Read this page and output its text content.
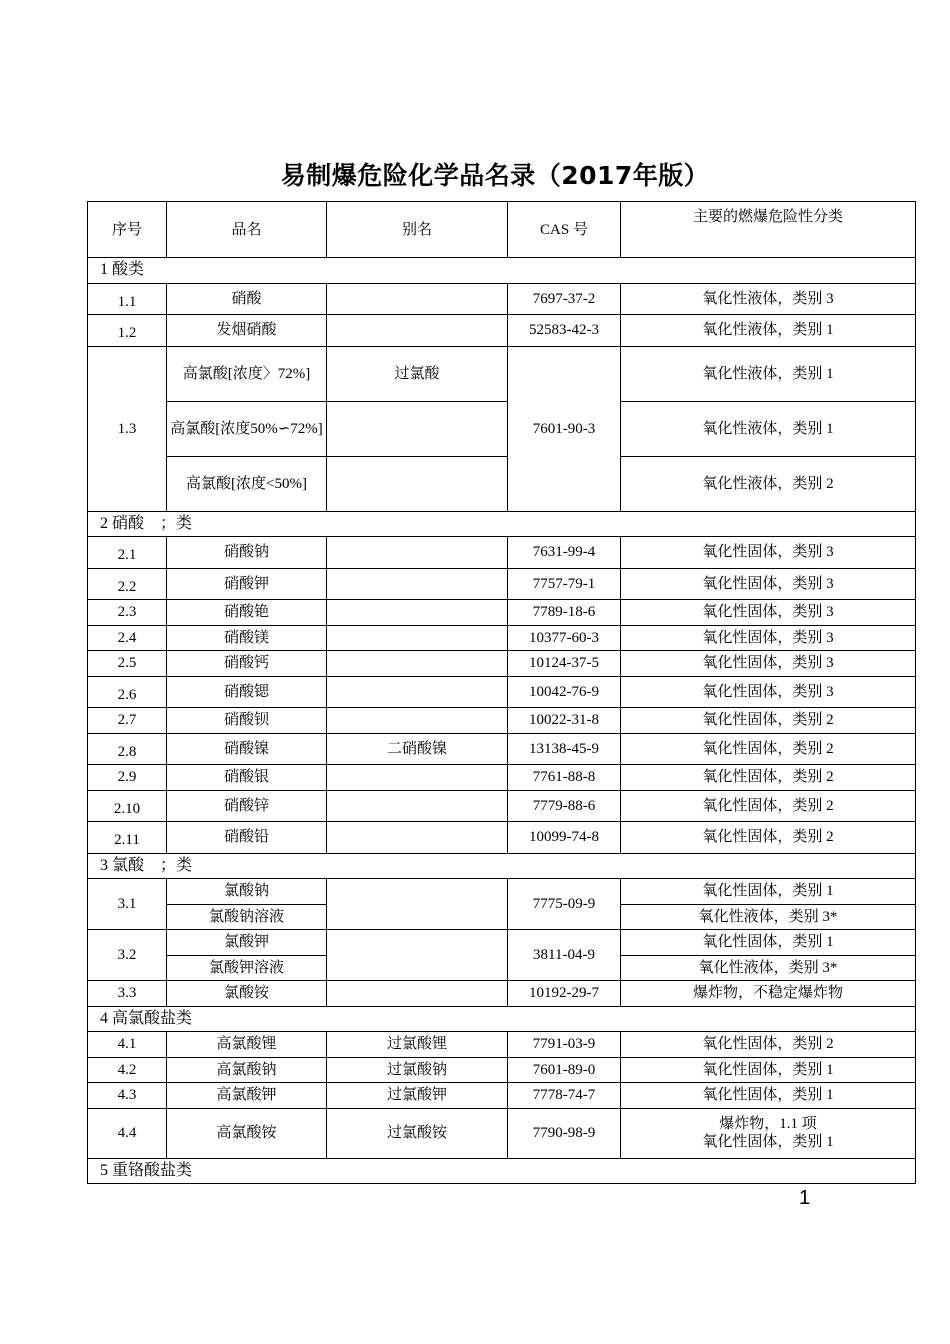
易制爆危险化学品名录（2017年版）
序号	品名	别名	CAS 号	主要的燃爆危险性分类
1 酸类				
1.1	硝酸		7697-37-2	氧化性液体，类别 3
1.2	发烟硝酸		52583-42-3	氧化性液体，类别 1
1.3	高氯酸[浓度〉72%]	过氯酸	7601-90-3	氧化性液体，类别 1
	高氯酸[浓度50%∽72%]			氧化性液体，类别 1
	高氯酸[浓度<50%]			氧化性液体，类别 2
2 硝酸　；类				
2.1	硝酸钠		7631-99-4	氧化性固体，类别 3
2.2	硝酸钾		7757-79-1	氧化性固体，类别 3
2.3	硝酸铯		7789-18-6	氧化性固体，类别 3
2.4	硝酸镁		10377-60-3	氧化性固体，类别 3
2.5	硝酸钙		10124-37-5	氧化性固体，类别 3
2.6	硝酸锶		10042-76-9	氧化性固体，类别 3
2.7	硝酸钡		10022-31-8	氧化性固体，类别 2
2.8	硝酸镍	二硝酸镍	13138-45-9	氧化性固体，类别 2
2.9	硝酸银		7761-88-8	氧化性固体，类别 2
2.10	硝酸锌		7779-88-6	氧化性固体，类别 2
2.11	硝酸铅		10099-74-8	氧化性固体，类别 2
3 氯酸　；类				
3.1	氯酸钠		7775-09-9	氧化性固体，类别 1
	氯酸钠溶液			氧化性液体，类别 3*
3.2	氯酸钾		3811-04-9	氧化性固体，类别 1
	氯酸钾溶液			氧化性液体，类别 3*
3.3	氯酸铵		10192-29-7	爆炸物，不稳定爆炸物
4 高氯酸盐类				
4.1	高氯酸锂	过氯酸锂	7791-03-9	氧化性固体，类别 2
4.2	高氯酸钠	过氯酸钠	7601-89-0	氧化性固体，类别 1
4.3	高氯酸钾	过氯酸钾	7778-74-7	氧化性固体，类别 1
4.4	高氯酸铵	过氯酸铵	7790-98-9	爆炸物，1.1 项
氧化性固体，类别 1

5 重铬酸盐类				
1
